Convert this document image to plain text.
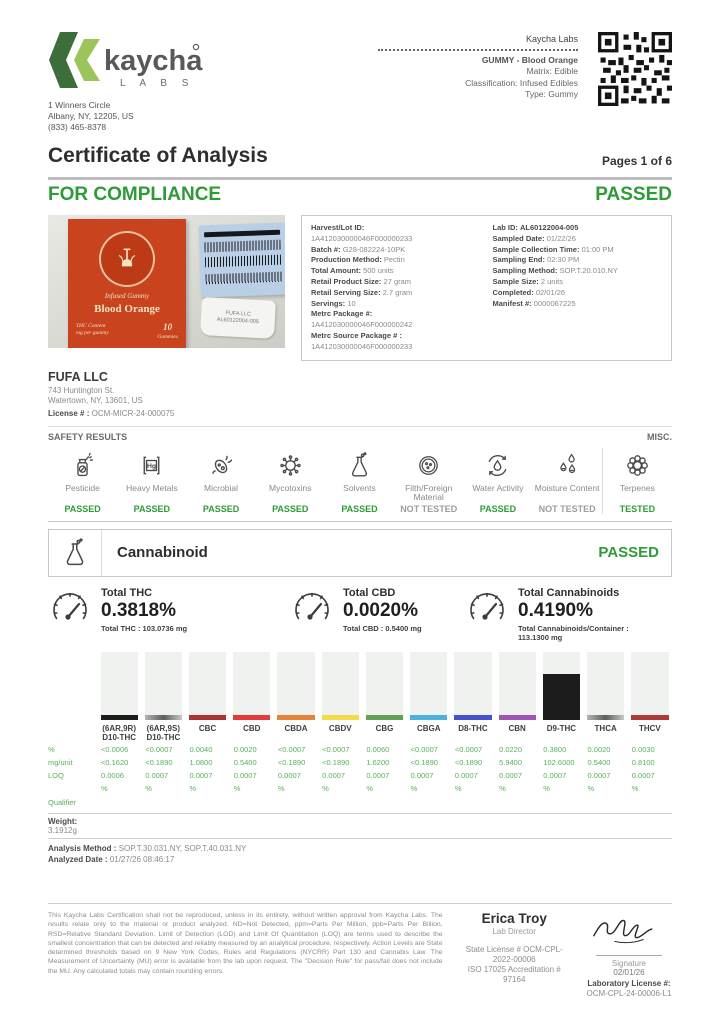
kaycha
L A B S
1 Winners Circle
Albany, NY, 12205, US
(833) 465-8378
Kaycha Labs
GUMMY - Blood Orange
Matrix: Edible
Classification: Infused Edibles
Type: Gummy
Certificate of Analysis	Pages 1 of 6
FOR COMPLIANCE	PASSED
Infused Gummy
Blood Orange
THC Content
mg per gummy
10
Gummies
FUFA LLC
AL60122004-005
Harvest/Lot ID:
1A412030000046F000000233
Batch #: G28-082224-10PK
Production Method: Pectin
Total Amount: 500 units
Retail Product Size: 27 gram
Retail Serving Size: 2.7 gram
Servings: 10
Metrc Package #:
1A412030000046F000000242
Metrc Source Package # :
1A412030000046F000000233
Lab ID: AL60122004-005
Sampled Date: 01/22/26
Sample Collection Time: 01:00 PM
Sampling End: 02:30 PM
Sampling Method: SOP.T.20.010.NY
Sample Size: 2 units
Completed: 02/01/26
Manifest #: 0000067225
FUFA LLC
743 Huntington St.
Watertown, NY, 13601, US
License # : OCM-MICR-24-000075
SAFETY RESULTS	MISC.
Pesticide
PASSED
Hg
Heavy Metals
PASSED
Microbial
PASSED
Mycotoxins
PASSED
Solvents
PASSED
Filth/Foreign Material
NOT TESTED
Water Activity
PASSED
Moisture Content
NOT TESTED
Terpenes
TESTED
Cannabinoid	PASSED
Total THC
0.3818%
Total THC : 103.0736 mg
Total CBD
0.0020%
Total CBD : 0.5400 mg
Total Cannabinoids
0.4190%
Total Cannabinoids/Container : 113.1300 mg
(6AR,9R) D10-THC
(6AR,9S) D10-THC
CBC	CBD	CBDA	CBDV	CBG	CBGA	D8-THC	CBN	D9-THC	THCA	THCV
%	<0.0006	<0.0007	0.0040	0.0020	<0.0007	<0.0007	0.0060	<0.0007	<0.0007	0.0220	0.3800	0.0020	0.0030
mg/unit	<0.1620	<0.1890	1.0800	0.5400	<0.1890	<0.1890	1.6200	<0.1890	<0.1890	5.9400	102.6000	0.5400	0.8100
LOQ	0.0006	0.0007	0.0007	0.0007	0.0007	0.0007	0.0007	0.0007	0.0007	0.0007	0.0007	0.0007	0.0007
%	%	%	%	%	%	%	%	%	%	%	%	%
Qualifier
Weight:
3.1912g
Analysis Method : SOP.T.30.031.NY, SOP.T.40.031.NY
Analyzed Date : 01/27/26 08:46:17
This Kaycha Labs Certification shall not be reproduced, unless in its entirety, without written approval from Kaycha Labs. The results relate only to the material or product analyzed. ND=Not Detected, ppm=Parts Per Million, ppb=Parts Per Billion, RSD=Relative Standard Deviation. Limit of Detection (LOD) and Limit Of Quantitation (LOQ) are terms used to describe the smallest concentration that can be detected and reliably measured by an analytical procedure, respectively. Action Levels are State determined thresholds based on 9 New York Codes, Rules and Regulations (NYCRR) Part 130 and Cannabis Law. The Measurement of Uncertainty (MU) error is available from the lab upon request. The "Decision Rule" for pass/fail does not include the MU. Any calculated totals may contain rounding errors.
Erica Troy
Lab Director
State License # OCM-CPL-2022-00006
ISO 17025 Accreditation # 97164
Signature
02/01/26
Laboratory License #: OCM-CPL-24-00006-L1
